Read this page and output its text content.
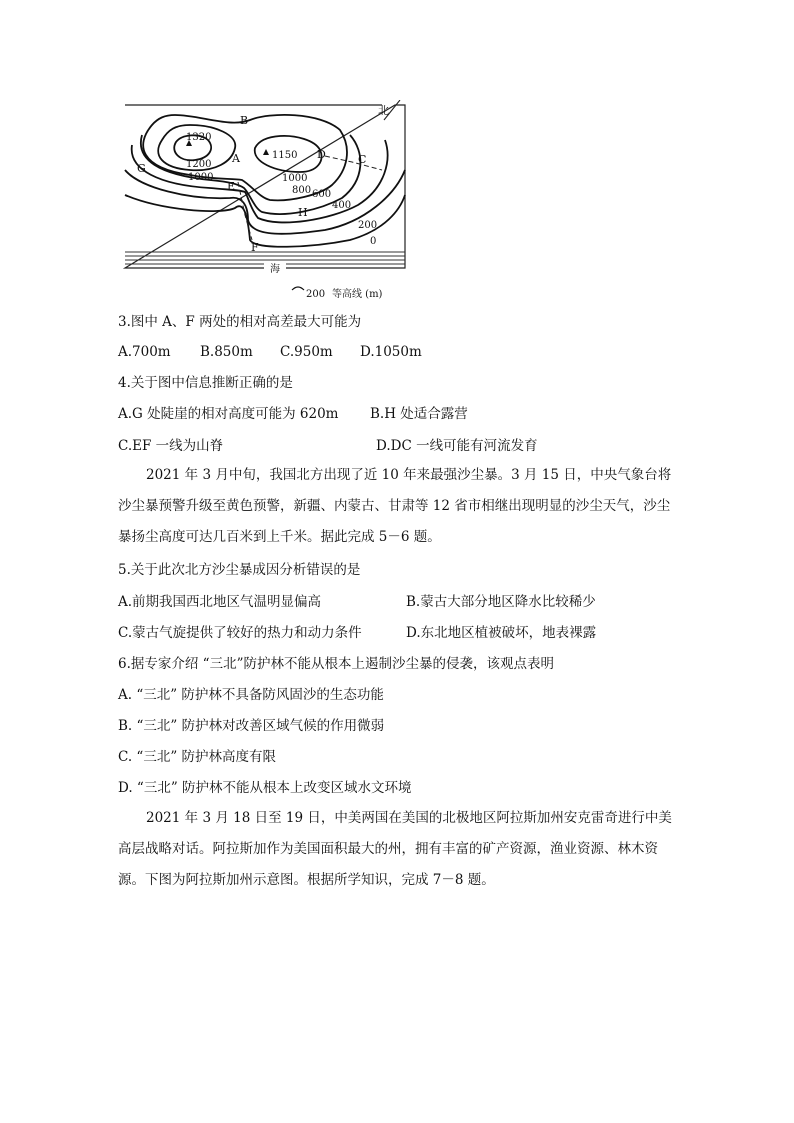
海
北
1320
1150
1200
1000	1000
800 600
400
200
0
A
B
C
D
E
F
G
H
200 等高线 (m)
3.图中 A、F 两处的相对高差最大可能为
A.700m B.850m C.950m D.1050m
4.关于图中信息推断正确的是
A.G 处陡崖的相对高度可能为 620m B.H 处适合露营
C.EF 一线为山脊	D.DC 一线可能有河流发育
2021 年 3 月中旬，我国北方出现了近 10 年来最强沙尘暴。3 月 15 日，中央气象台将沙尘暴预警升级至黄色预警，新疆、内蒙古、甘肃等 12 省市相继出现明显的沙尘天气，沙尘暴扬尘高度可达几百米到上千米。据此完成 5－6 题。
5.关于此次北方沙尘暴成因分析错误的是
A.前期我国西北地区气温明显偏高	B.蒙古大部分地区降水比较稀少
C.蒙古气旋提供了较好的热力和动力条件	D.东北地区植被破坏，地表裸露
6.据专家介绍 “三北”防护林不能从根本上遏制沙尘暴的侵袭，该观点表明
A. “三北” 防护林不具备防风固沙的生态功能
B. “三北” 防护林对改善区域气候的作用微弱
C. “三北” 防护林高度有限
D. “三北” 防护林不能从根本上改变区域水文环境
2021 年 3 月 18 日至 19 日，中美两国在美国的北极地区阿拉斯加州安克雷奇进行中美高层战略对话。阿拉斯加作为美国面积最大的州，拥有丰富的矿产资源，渔业资源、林木资源。下图为阿拉斯加州示意图。根据所学知识，完成 7－8 题。
